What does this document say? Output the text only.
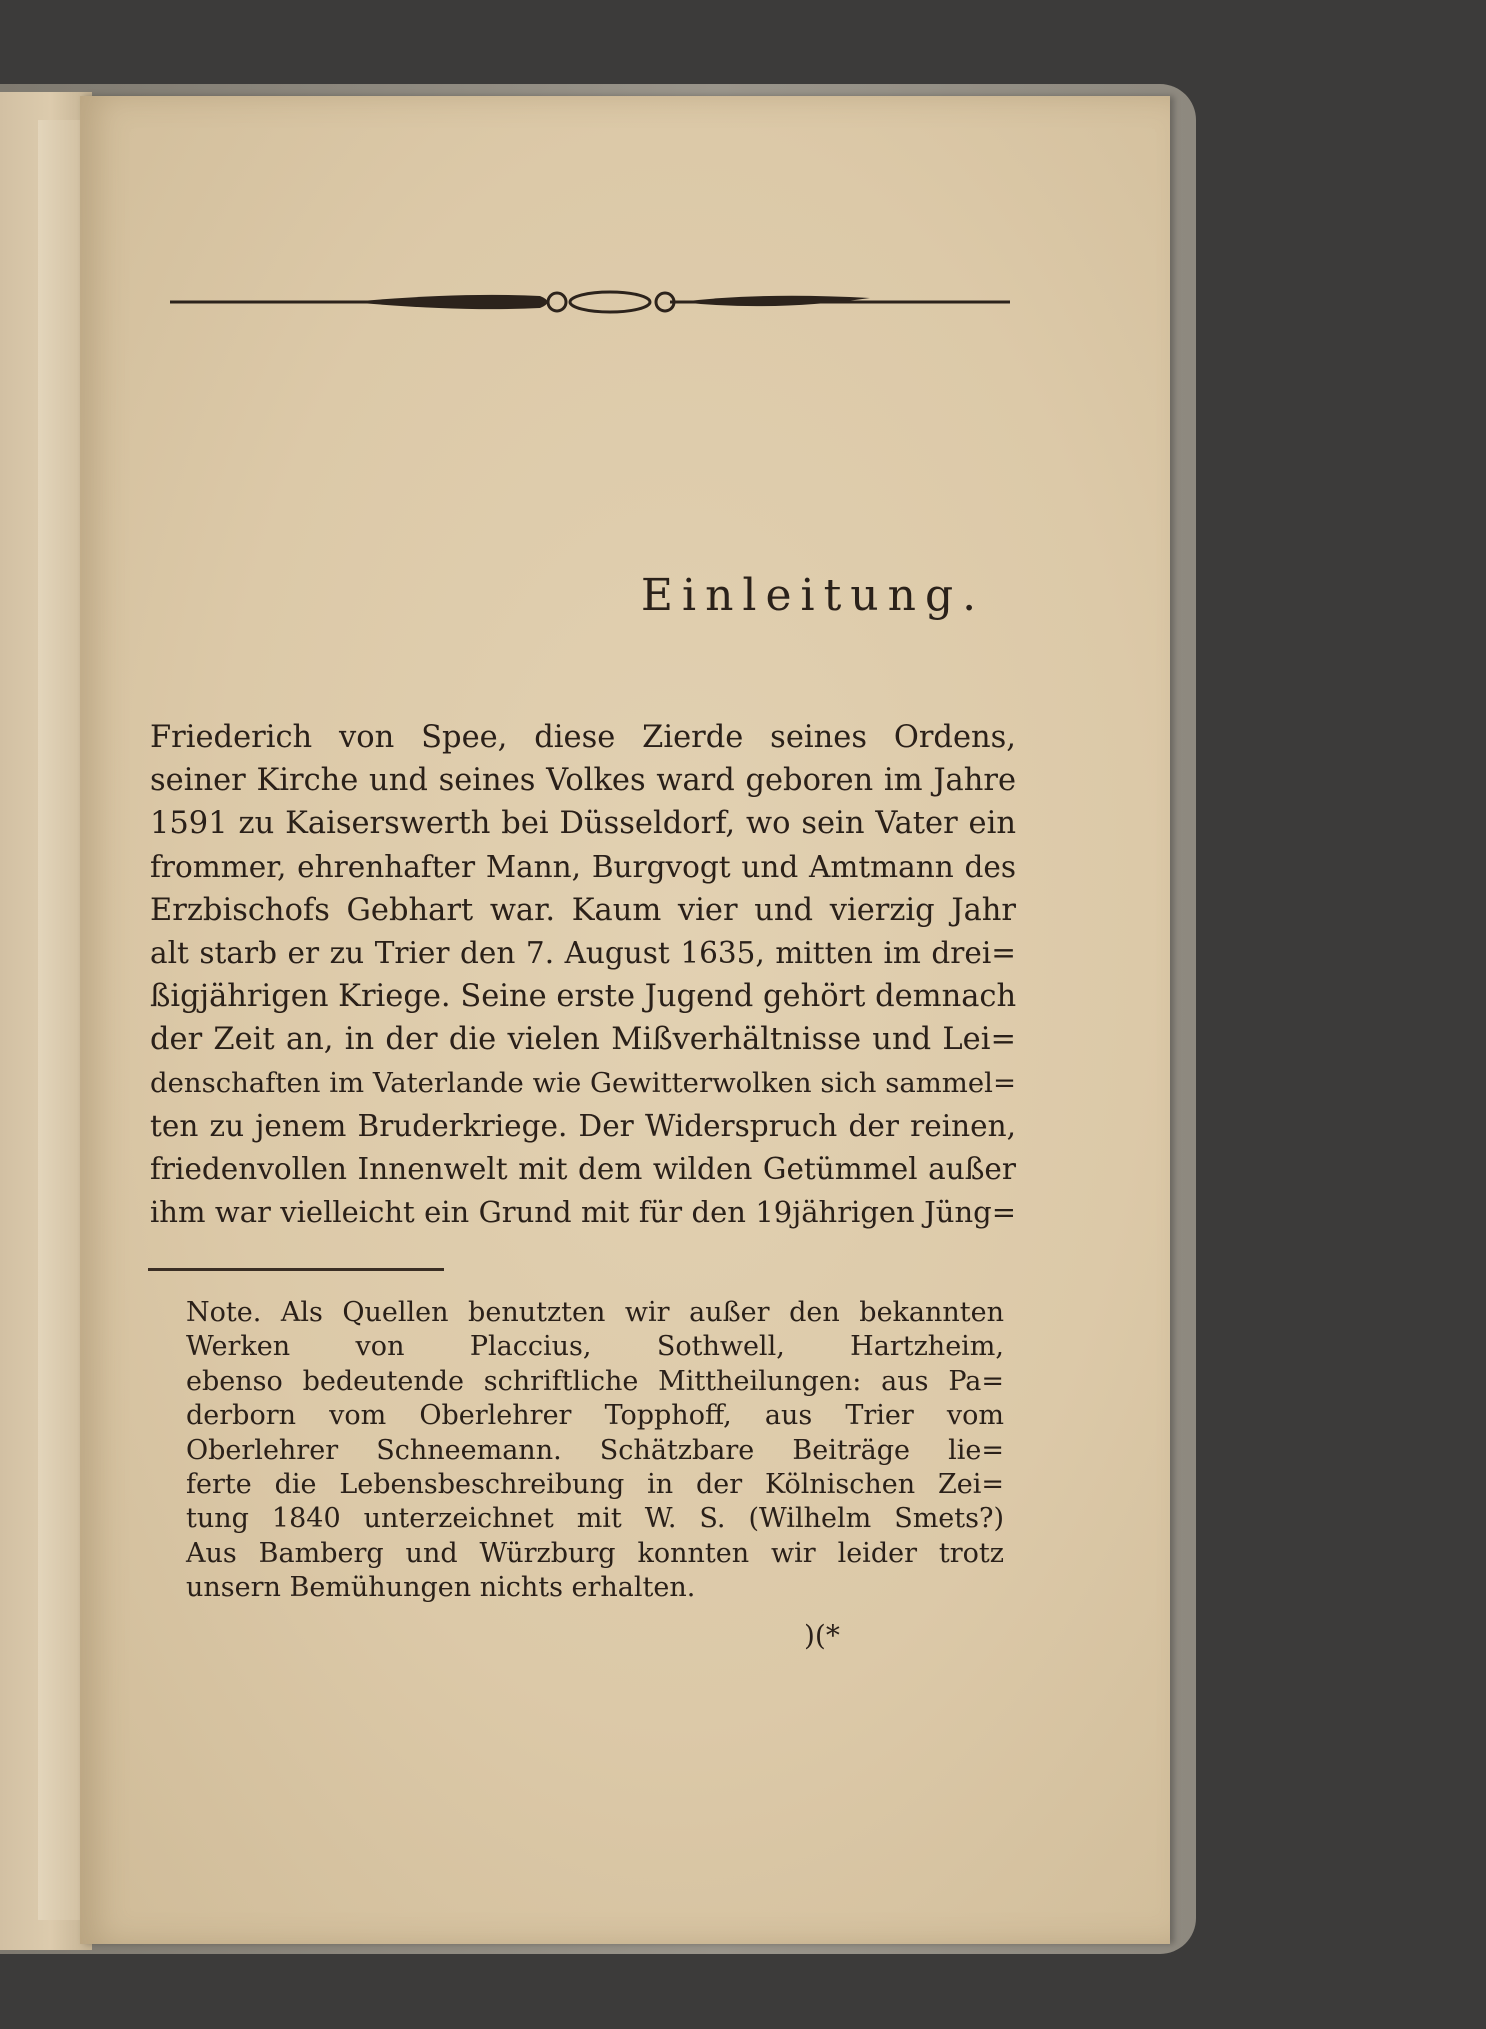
Einleitung.
Friederich von Spee, diese Zierde seines Ordens,
seiner Kirche und seines Volkes ward geboren im Jahre
1591 zu Kaiserswerth bei Düsseldorf, wo sein Vater ein
frommer, ehrenhafter Mann, Burgvogt und Amtmann des
Erzbischofs Gebhart war. Kaum vier und vierzig Jahr
alt starb er zu Trier den 7. August 1635, mitten im drei=
ßigjährigen Kriege. Seine erste Jugend gehört demnach
der Zeit an, in der die vielen Mißverhältnisse und Lei=
denschaften im Vaterlande wie Gewitterwolken sich sammel=
ten zu jenem Bruderkriege. Der Widerspruch der reinen,
friedenvollen Innenwelt mit dem wilden Getümmel außer
ihm war vielleicht ein Grund mit für den 19jährigen Jüng=
Note. Als Quellen benutzten wir außer den bekannten
Werken von Placcius, Sothwell, Hartzheim,
ebenso bedeutende schriftliche Mittheilungen: aus Pa=
derborn vom Oberlehrer Topphoff, aus Trier vom
Oberlehrer Schneemann. Schätzbare Beiträge lie=
ferte die Lebensbeschreibung in der Kölnischen Zei=
tung 1840 unterzeichnet mit W. S. (Wilhelm Smets?)
Aus Bamberg und Würzburg konnten wir leider trotz
unsern Bemühungen nichts erhalten.
)(*
